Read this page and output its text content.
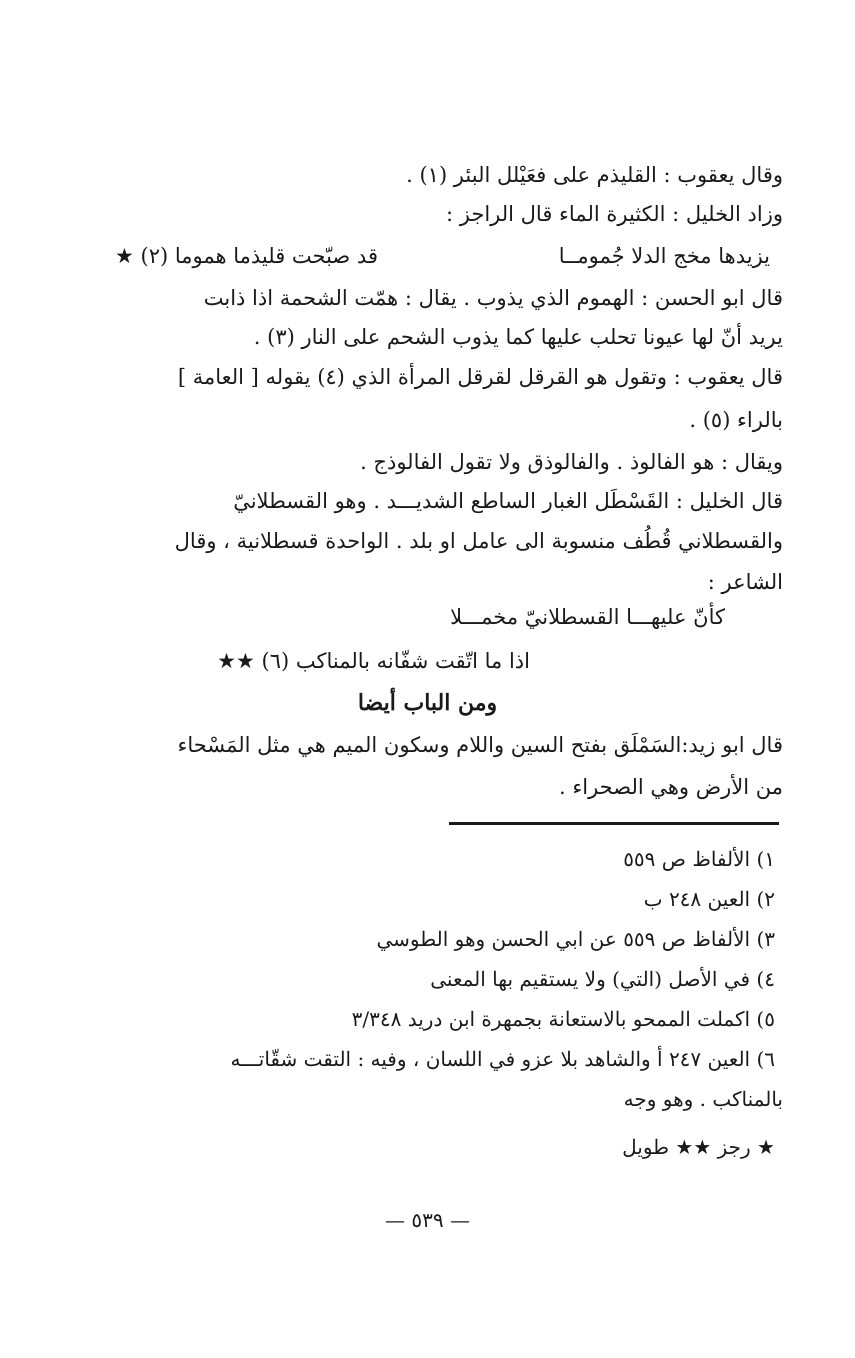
وقال يعقوب : القليذم على فعَيْلل البئر (١) .
وزاد الخليل : الكثيرة الماء قال الراجز :
يزيدها مخج الدلا جُمومــا
قد صبّحت قليذما هموما (٢) ★
قال ابو الحسن : الهموم الذي يذوب . يقال : همّت الشحمة اذا ذابت
يريد أنّ لها عيونا تحلب عليها كما يذوب الشحم على النار (٣) .
قال يعقوب : وتقول هو القرقل لقرقل المرأة الذي (٤) يقوله [ العامة ]
بالراء (٥) .
ويقال : هو الفالوذ . والفالوذق ولا تقول الفالوذج .
قال الخليل : القَسْطَل الغبار الساطع الشديـــد . وهو القسطلانيّ
والقسطلاني قُطُف منسوبة الى عامل او بلد . الواحدة قسطلانية ، وقال
الشاعر :
كأنّ عليهـــا القسطلانيّ مخمـــلا
اذا ما اتّقت شفّانه بالمناكب (٦) ★★
ومن الباب أيضا
قال ابو زيد:السَمْلَق بفتح السين واللام وسكون الميم هي مثل المَسْحاء
من الأرض وهي الصحراء .
١) الألفاظ ص ٥٥٩
٢) العين ٢٤٨ ب
٣) الألفاظ ص ٥٥٩ عن ابي الحسن وهو الطوسي
٤) في الأصل (التي) ولا يستقيم بها المعنى
٥) اكملت الممحو بالاستعانة بجمهرة ابن دريد ٣/٣٤٨
٦) العين ٢٤٧ أ والشاهد بلا عزو في اللسان ، وفيه : التقت شقّاتـــه
بالمناكب . وهو وجه
★ رجز ★★ طويل
— ٥٣٩ —
